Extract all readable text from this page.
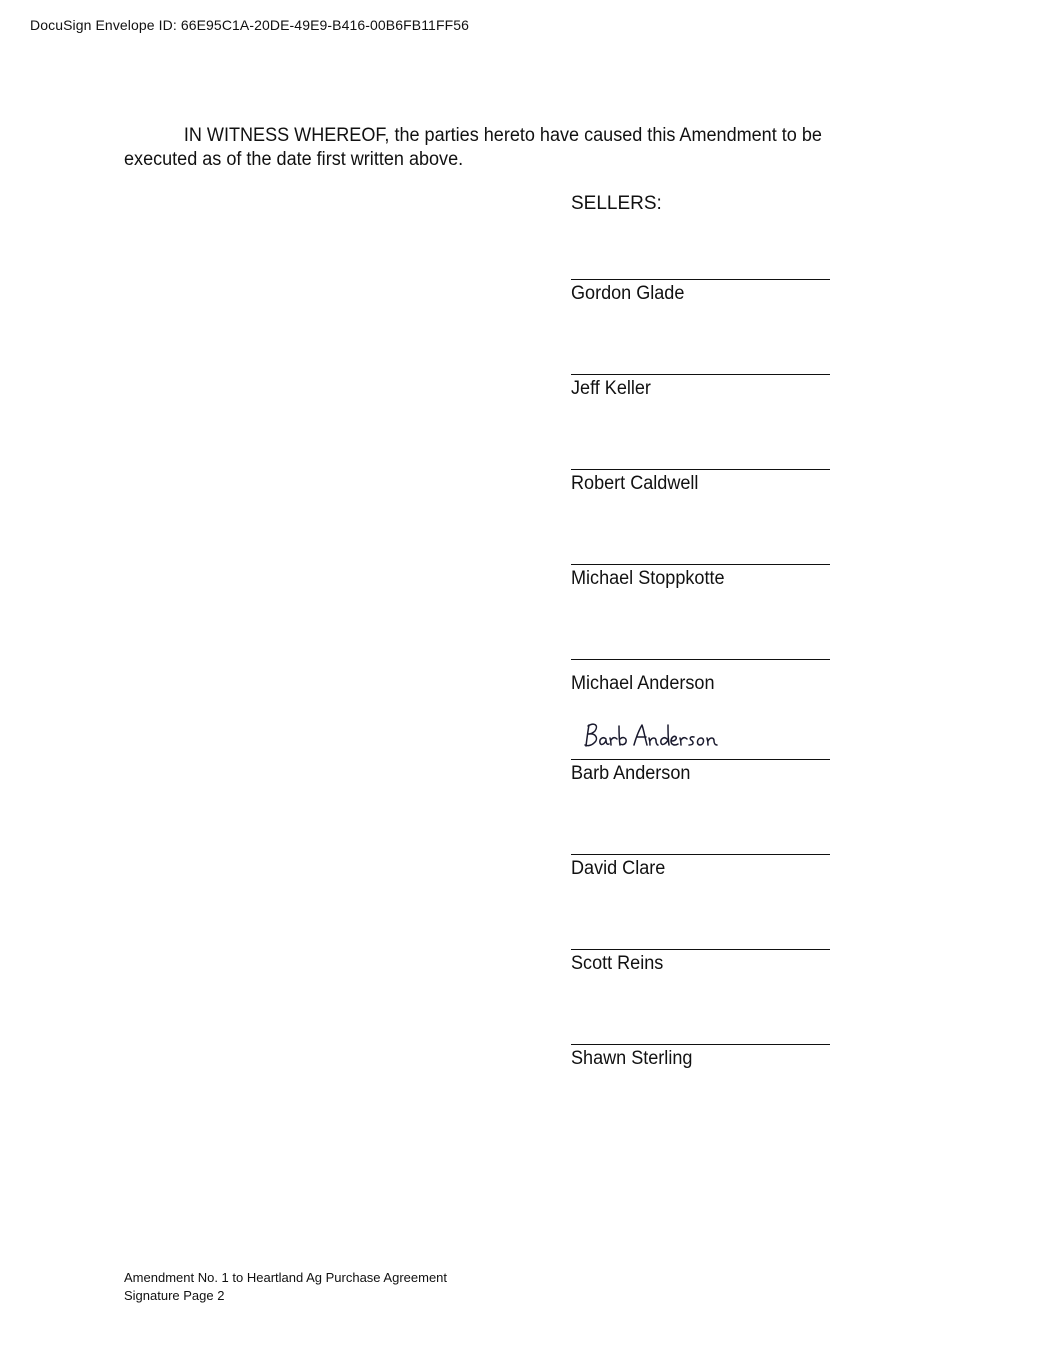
DocuSign Envelope ID: 66E95C1A-20DE-49E9-B416-00B6FB11FF56
IN WITNESS WHEREOF, the parties hereto have caused this Amendment to be
executed as of the date first written above.
SELLERS:
Gordon Glade
Jeff Keller
Robert Caldwell
Michael Stoppkotte
Michael Anderson
Barb Anderson
David Clare
Scott Reins
Shawn Sterling
Amendment No. 1 to Heartland Ag Purchase Agreement
Signature Page 2
